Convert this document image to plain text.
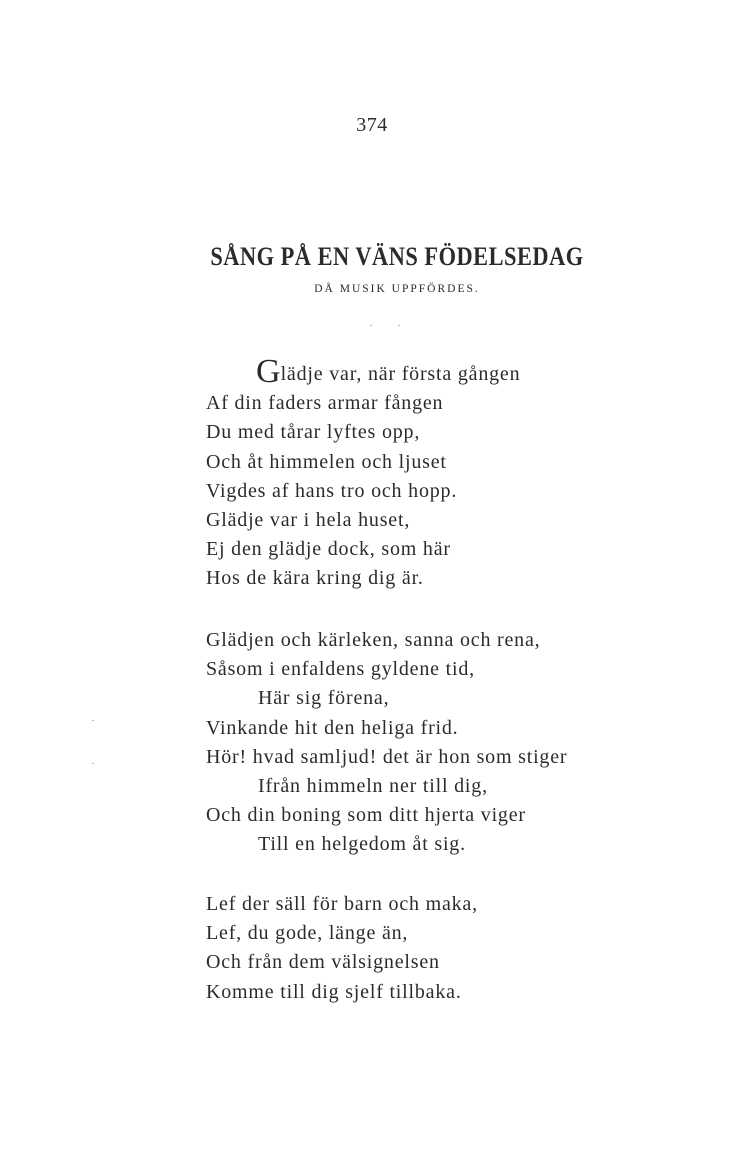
374
SÅNG PÅ EN VÄNS FÖDELSEDAG
DÅ MUSIK UPPFÖRDES.
Glädje var, när första gången
Af din faders armar fången
Du med tårar lyftes opp,
Och åt himmelen och ljuset
Vigdes af hans tro och hopp.
Glädje var i hela huset,
Ej den glädje dock, som här
Hos de kära kring dig är.
Glädjen och kärleken, sanna och rena,
Såsom i enfaldens gyldene tid,
Här sig förena,
Vinkande hit den heliga frid.
Hör! hvad samljud! det är hon som stiger
Ifrån himmeln ner till dig,
Och din boning som ditt hjerta viger
Till en helgedom åt sig.
Lef der säll för barn och maka,
Lef, du gode, länge än,
Och från dem välsignelsen
Komme till dig sjelf tillbaka.
